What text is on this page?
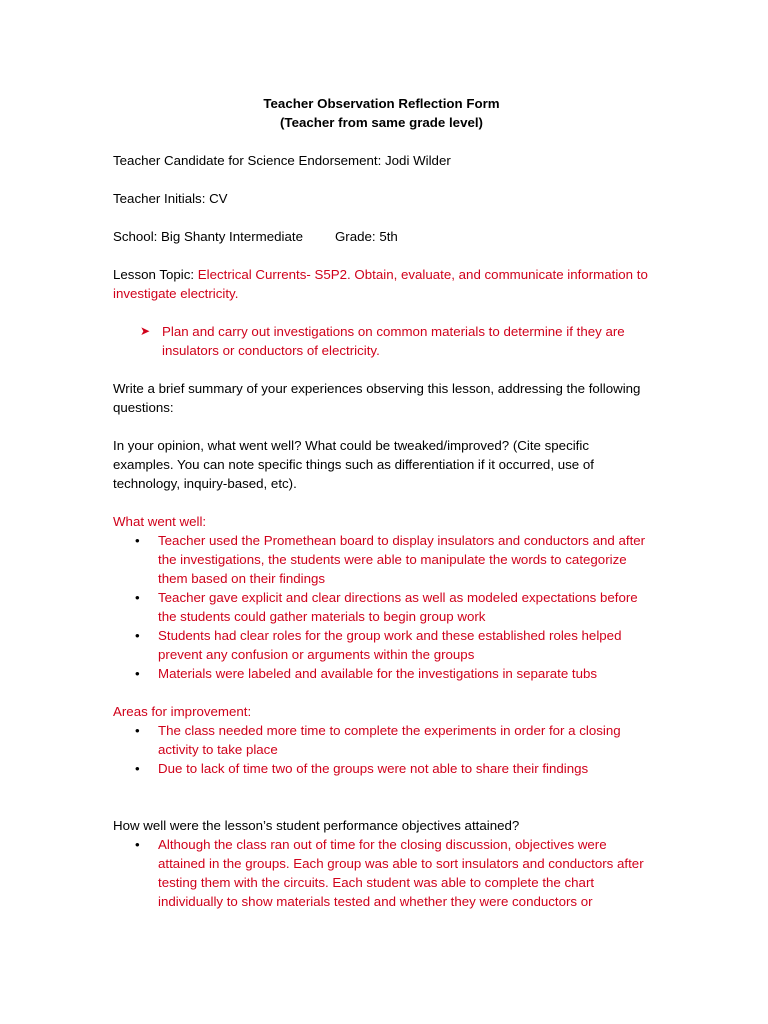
Teacher Observation Reflection Form
(Teacher from same grade level)

Teacher Candidate for Science Endorsement: Jodi Wilder

Teacher Initials: CV

School: Big Shanty Intermediate Grade: 5th

Lesson Topic: Electrical Currents- S5P2. Obtain, evaluate, and communicate information to investigate electricity.

➤ Plan and carry out investigations on common materials to determine if they are insulators or conductors of electricity.

Write a brief summary of your experiences observing this lesson, addressing the following questions:

In your opinion, what went well? What could be tweaked/improved? (Cite specific examples. You can note specific things such as differentiation if it occurred, use of technology, inquiry-based, etc).

What went well:

• Teacher used the Promethean board to display insulators and conductors and after the investigations, the students were able to manipulate the words to categorize them based on their findings
• Teacher gave explicit and clear directions as well as modeled expectations before the students could gather materials to begin group work
• Students had clear roles for the group work and these established roles helped prevent any confusion or arguments within the groups
• Materials were labeled and available for the investigations in separate tubs

Areas for improvement:

• The class needed more time to complete the experiments in order for a closing activity to take place
• Due to lack of time two of the groups were not able to share their findings

How well were the lesson’s student performance objectives attained?

• Although the class ran out of time for the closing discussion, objectives were attained in the groups. Each group was able to sort insulators and conductors after testing them with the circuits. Each student was able to complete the chart individually to show materials tested and whether they were conductors or
